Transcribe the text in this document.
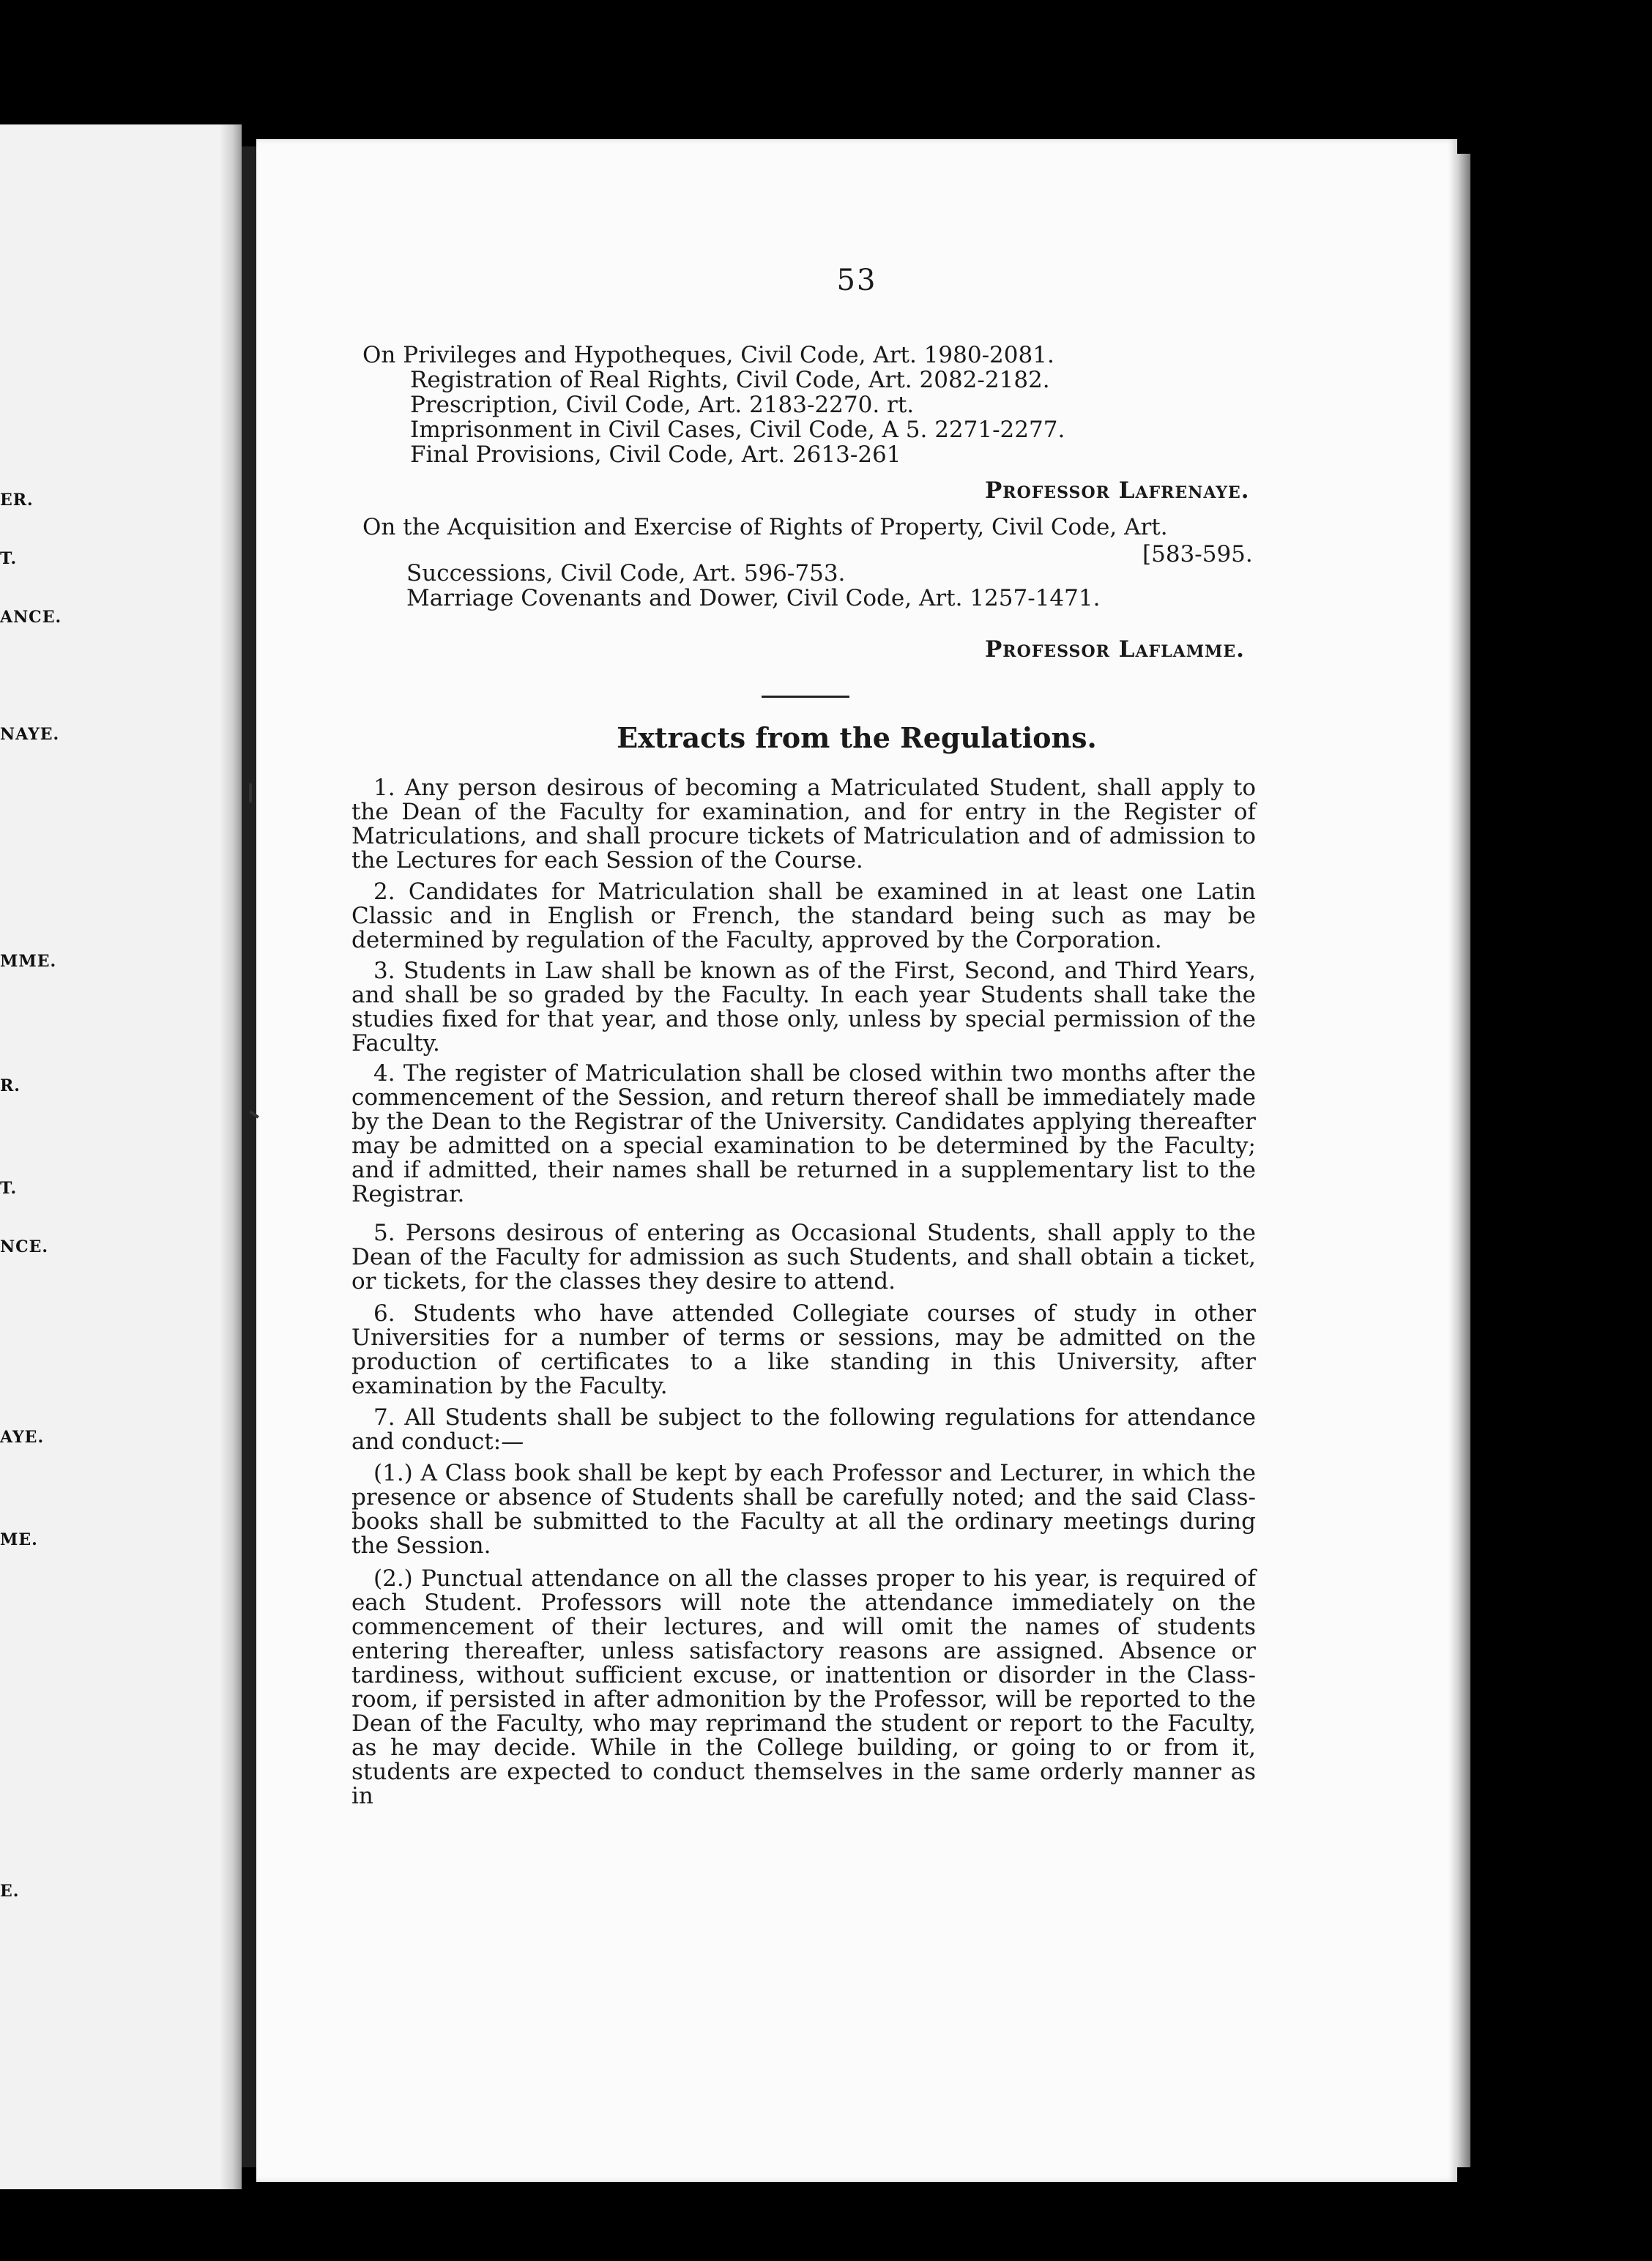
ER.
T.
ANCE.
NAYE.
MME.
R.
T.
NCE.
AYE.
ME.
E.
53
On Privileges and Hypotheques, Civil Code, Art. 1980-2081.
Registration of Real Rights, Civil Code, Art. 2082-2182.
Prescription, Civil Code, Art. 2183-2270. rt.
Imprisonment in Civil Cases, Civil Code, A 5. 2271-2277.
Final Provisions, Civil Code, Art. 2613-261
Professor Lafrenaye.
On the Acquisition and Exercise of Rights of Property, Civil Code, Art.
[583-595.
Successions, Civil Code, Art. 596-753.
Marriage Covenants and Dower, Civil Code, Art. 1257-1471.
Professor Laflamme.
Extracts from the Regulations.
1. Any person desirous of becoming a Matriculated Student, shall apply to the Dean of the Faculty for examination, and for entry in the Register of Matriculations, and shall procure tickets of Matriculation and of admission to the Lectures for each Session of the Course.
2. Candidates for Matriculation shall be examined in at least one Latin Classic and in English or French, the standard being such as may be determined by regulation of the Faculty, approved by the Corporation.
3. Students in Law shall be known as of the First, Second, and Third Years, and shall be so graded by the Faculty. In each year Students shall take the studies fixed for that year, and those only, unless by special permission of the Faculty.
4. The register of Matriculation shall be closed within two months after the commencement of the Session, and return thereof shall be immediately made by the Dean to the Registrar of the University. Candidates applying thereafter may be admitted on a special examination to be determined by the Faculty; and if admitted, their names shall be returned in a supplementary list to the Registrar.
5. Persons desirous of entering as Occasional Students, shall apply to the Dean of the Faculty for admission as such Students, and shall obtain a ticket, or tickets, for the classes they desire to attend.
6. Students who have attended Collegiate courses of study in other Universities for a number of terms or sessions, may be admitted on the production of certificates to a like standing in this University, after examination by the Faculty.
7. All Students shall be subject to the following regulations for attendance and conduct:—
(1.) A Class book shall be kept by each Professor and Lecturer, in which the presence or absence of Students shall be carefully noted; and the said Class-books shall be submitted to the Faculty at all the ordinary meetings during the Session.
(2.) Punctual attendance on all the classes proper to his year, is required of each Student. Professors will note the attendance immediately on the commencement of their lectures, and will omit the names of students entering thereafter, unless satisfactory reasons are assigned. Absence or tardiness, without sufficient excuse, or inattention or disorder in the Class-room, if persisted in after admonition by the Professor, will be reported to the Dean of the Faculty, who may reprimand the student or report to the Faculty, as he may decide. While in the College building, or going to or from it, students are expected to conduct themselves in the same orderly manner as in
